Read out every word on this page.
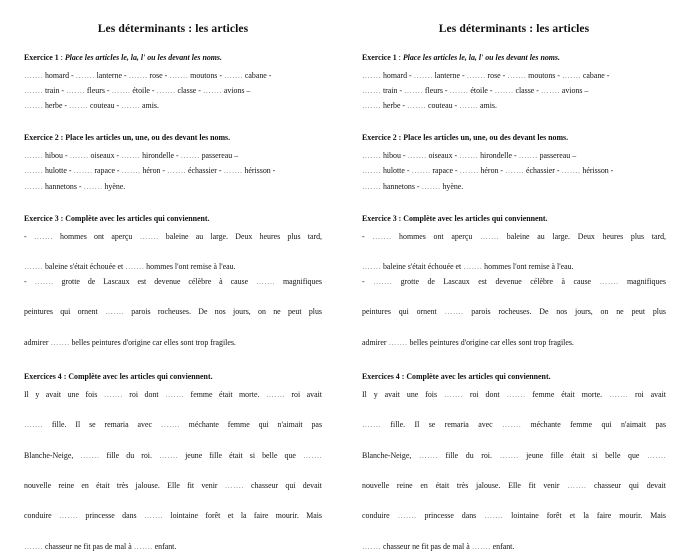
Les déterminants : les articles
Exercice 1 : Place les articles le, la, l' ou les devant les noms.

……. homard - ……. lanterne - ……. rose - ……. moutons - ……. cabane -

……. train - ……. fleurs - ……. étoile - ……. classe - ……. avions –

……. herbe - ……. couteau - ……. amis.

Exercice 2 : Place les articles un, une, ou des devant les noms.

……. hibou - ……. oiseaux - ……. hirondelle - ……. passereau –

……. hulotte - ……. rapace - ……. héron - ……. échassier - ……. hérisson -

……. hannetons - ……. hyène.

Exercice 3 : Complète avec les articles qui conviennent.

- ……. hommes ont aperçu ……. baleine au large. Deux heures plus tard,

……. baleine s'était échouée et ……. hommes l'ont remise à l'eau.

- ……. grotte de Lascaux est devenue célèbre à cause ……. magnifiques

peintures qui ornent ……. parois rocheuses. De nos jours, on ne peut plus

admirer ……. belles peintures d'origine car elles sont trop fragiles.

Exercices 4 : Complète avec les articles qui conviennent.

Il y avait une fois ……. roi dont ……. femme était morte. ……. roi avait

……. fille. Il se remaria avec ……. méchante femme qui n'aimait pas

Blanche-Neige, ……. fille du roi. ……. jeune fille était si belle que …….

nouvelle reine en était très jalouse. Elle fit venir ……. chasseur qui devait

conduire ……. princesse dans ……. lointaine forêt et la faire mourir. Mais

……. chasseur ne fit pas de mal à ……. enfant.

Les déterminants : les articles
Exercice 1 : Place les articles le, la, l' ou les devant les noms.

……. homard - ……. lanterne - ……. rose - ……. moutons - ……. cabane -

……. train - ……. fleurs - ……. étoile - ……. classe - ……. avions –

……. herbe - ……. couteau - ……. amis.

Exercice 2 : Place les articles un, une, ou des devant les noms.

……. hibou - ……. oiseaux - ……. hirondelle - ……. passereau –

……. hulotte - ……. rapace - ……. héron - ……. échassier - ……. hérisson -

……. hannetons - ……. hyène.

Exercice 3 : Complète avec les articles qui conviennent.

- ……. hommes ont aperçu ……. baleine au large. Deux heures plus tard,

……. baleine s'était échouée et ……. hommes l'ont remise à l'eau.

- ……. grotte de Lascaux est devenue célèbre à cause ……. magnifiques

peintures qui ornent ……. parois rocheuses. De nos jours, on ne peut plus

admirer ……. belles peintures d'origine car elles sont trop fragiles.

Exercices 4 : Complète avec les articles qui conviennent.

Il y avait une fois ……. roi dont ……. femme était morte. ……. roi avait

……. fille. Il se remaria avec ……. méchante femme qui n'aimait pas

Blanche-Neige, ……. fille du roi. ……. jeune fille était si belle que …….

nouvelle reine en était très jalouse. Elle fit venir ……. chasseur qui devait

conduire ……. princesse dans ……. lointaine forêt et la faire mourir. Mais

……. chasseur ne fit pas de mal à ……. enfant.
